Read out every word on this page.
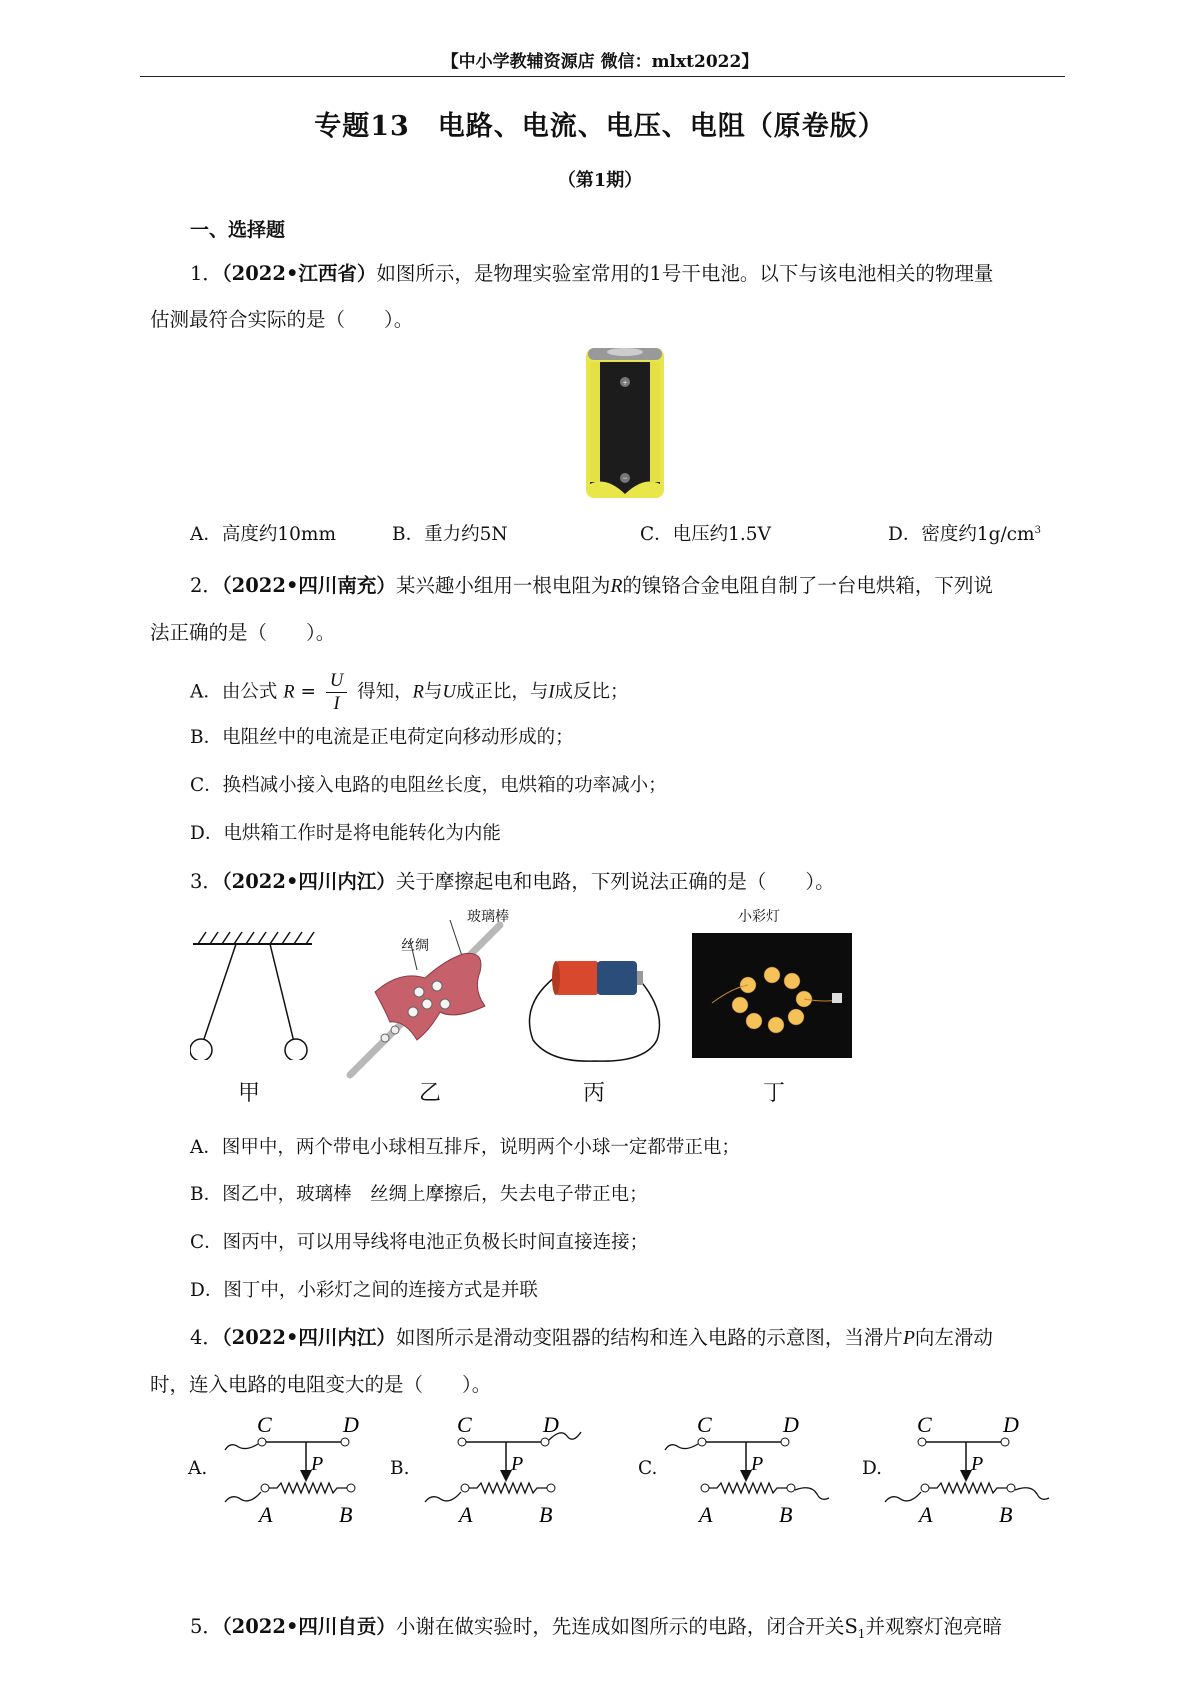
【中小学教辅资源店 微信：mlxt2022】
专题13　电路、电流、电压、电阻（原卷版）
（第1期）
一、选择题
1．（2022•江西省）如图所示，是物理实验室常用的1号干电池。以下与该电池相关的物理量
估测最符合实际的是（　　）。
+
−
A．高度约10mm	B．重力约5N	C．电压约1.5V	D．密度约$1g/cm^3$
2．（2022•四川南充）某兴趣小组用一根电阻为R的镍铬合金电阻自制了一台电烘箱，下列说
法正确的是（　　）。
A．由公式 $R = \frac{U}{I}$ 得知，R与U成正比，与I成反比；
B．电阻丝中的电流是正电荷定向移动形成的；
C．换档减小接入电路的电阻丝长度，电烘箱的功率减小；
D．电烘箱工作时是将电能转化为内能
3．（2022•四川内江）关于摩擦起电和电路，下列说法正确的是（　　）。
玻璃棒
丝绸
小彩灯
甲	乙	丙	丁
A．图甲中，两个带电小球相互排斥，说明两个小球一定都带正电；
B．图乙中，玻璃棒　丝绸上摩擦后，失去电子带正电；
C．图丙中，可以用导线将电池正负极长时间直接连接；
D．图丁中，小彩灯之间的连接方式是并联
4．（2022•四川内江）如图所示是滑动变阻器的结构和连入电路的示意图，当滑片P向左滑动
时，连入电路的电阻变大的是（　　）。
A.	B.	C.	D.
5．（2022•四川自贡）小谢在做实验时，先连成如图所示的电路，闭合开关$S_1$并观察灯泡亮暗
